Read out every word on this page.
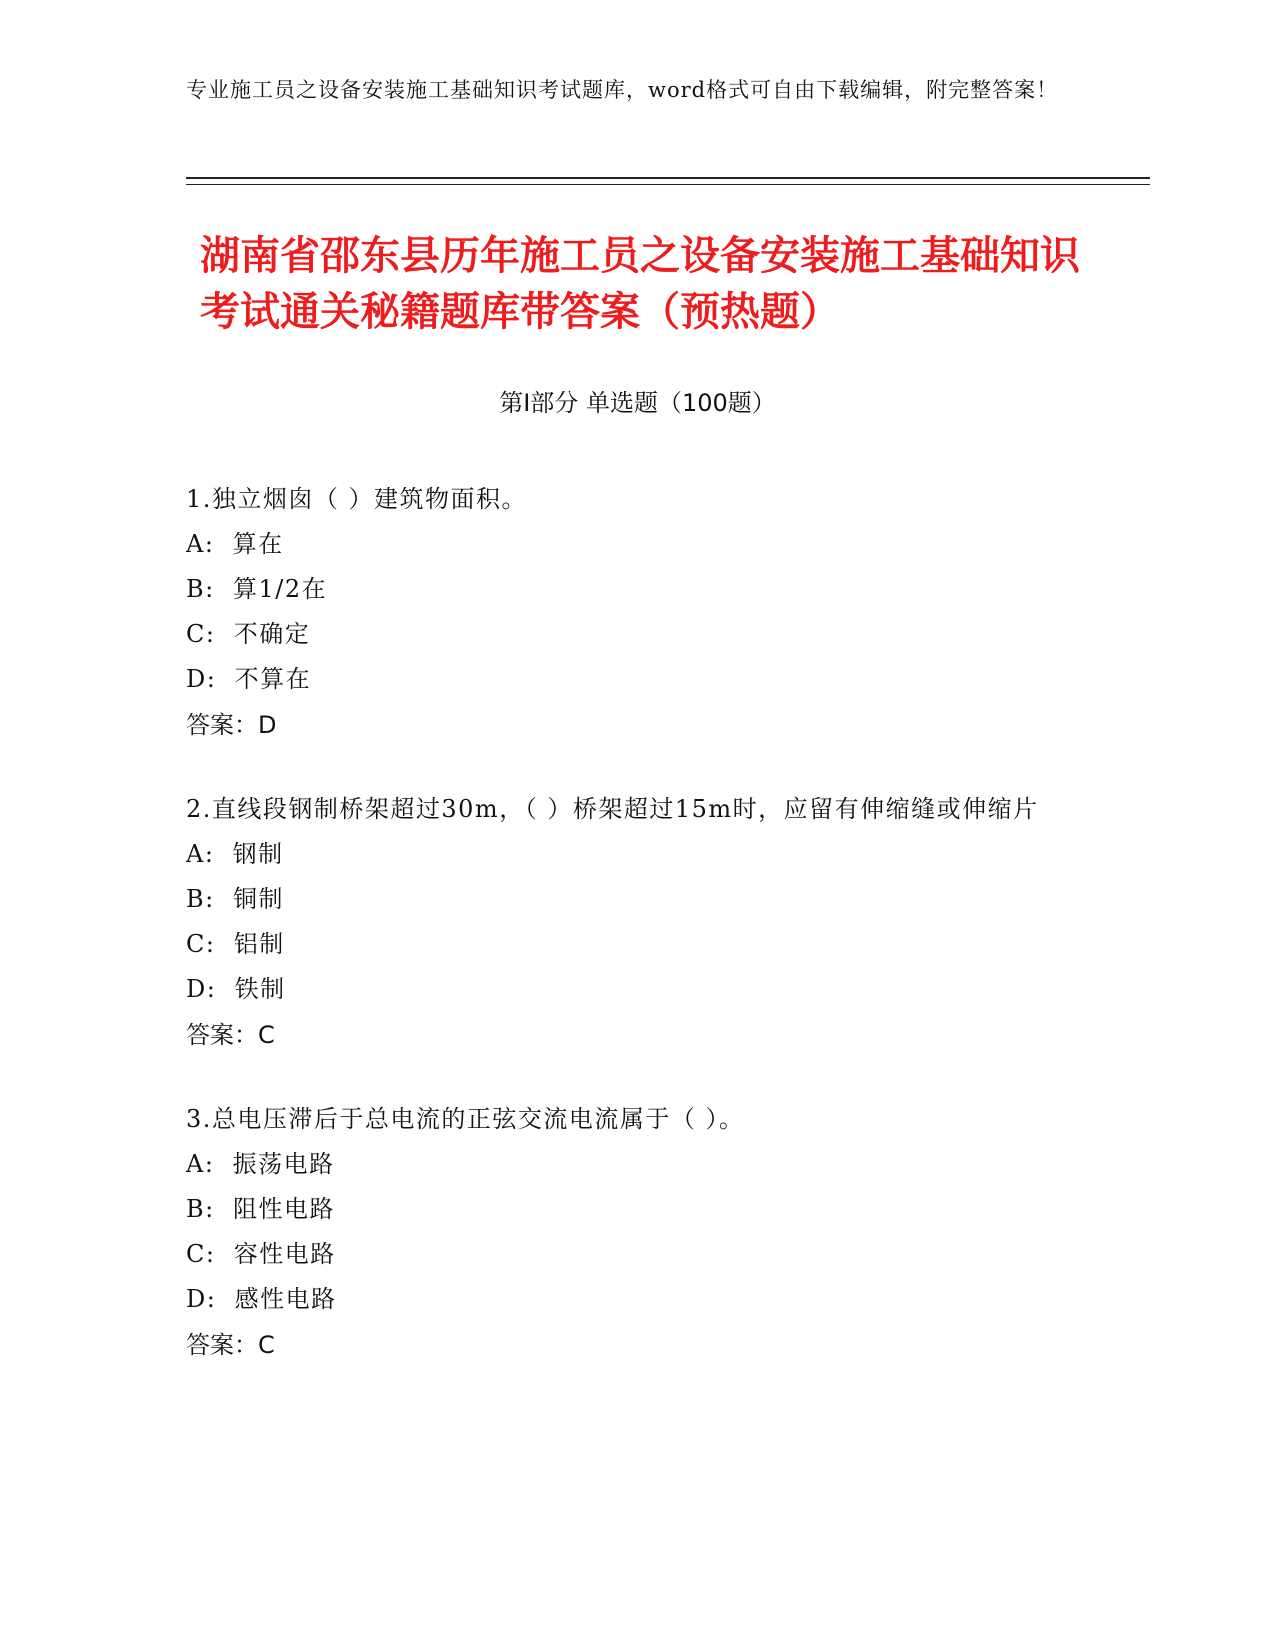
专业施工员之设备安装施工基础知识考试题库，word格式可自由下载编辑，附完整答案！
湖南省邵东县历年施工员之设备安装施工基础知识考试通关秘籍题库带答案（预热题）
第Ⅰ部分 单选题（100题）
1.独立烟囱（ ）建筑物面积。
A:  算在
B:  算1/2在
C:  不确定
D:  不算在
答案：D
2.直线段钢制桥架超过30m，（ ）桥架超过15m时，应留有伸缩缝或伸缩片
A:  钢制
B:  铜制
C:  铝制
D:  铁制
答案：C
3.总电压滞后于总电流的正弦交流电流属于（ ）。
A:  振荡电路
B:  阻性电路
C:  容性电路
D:  感性电路
答案：C
